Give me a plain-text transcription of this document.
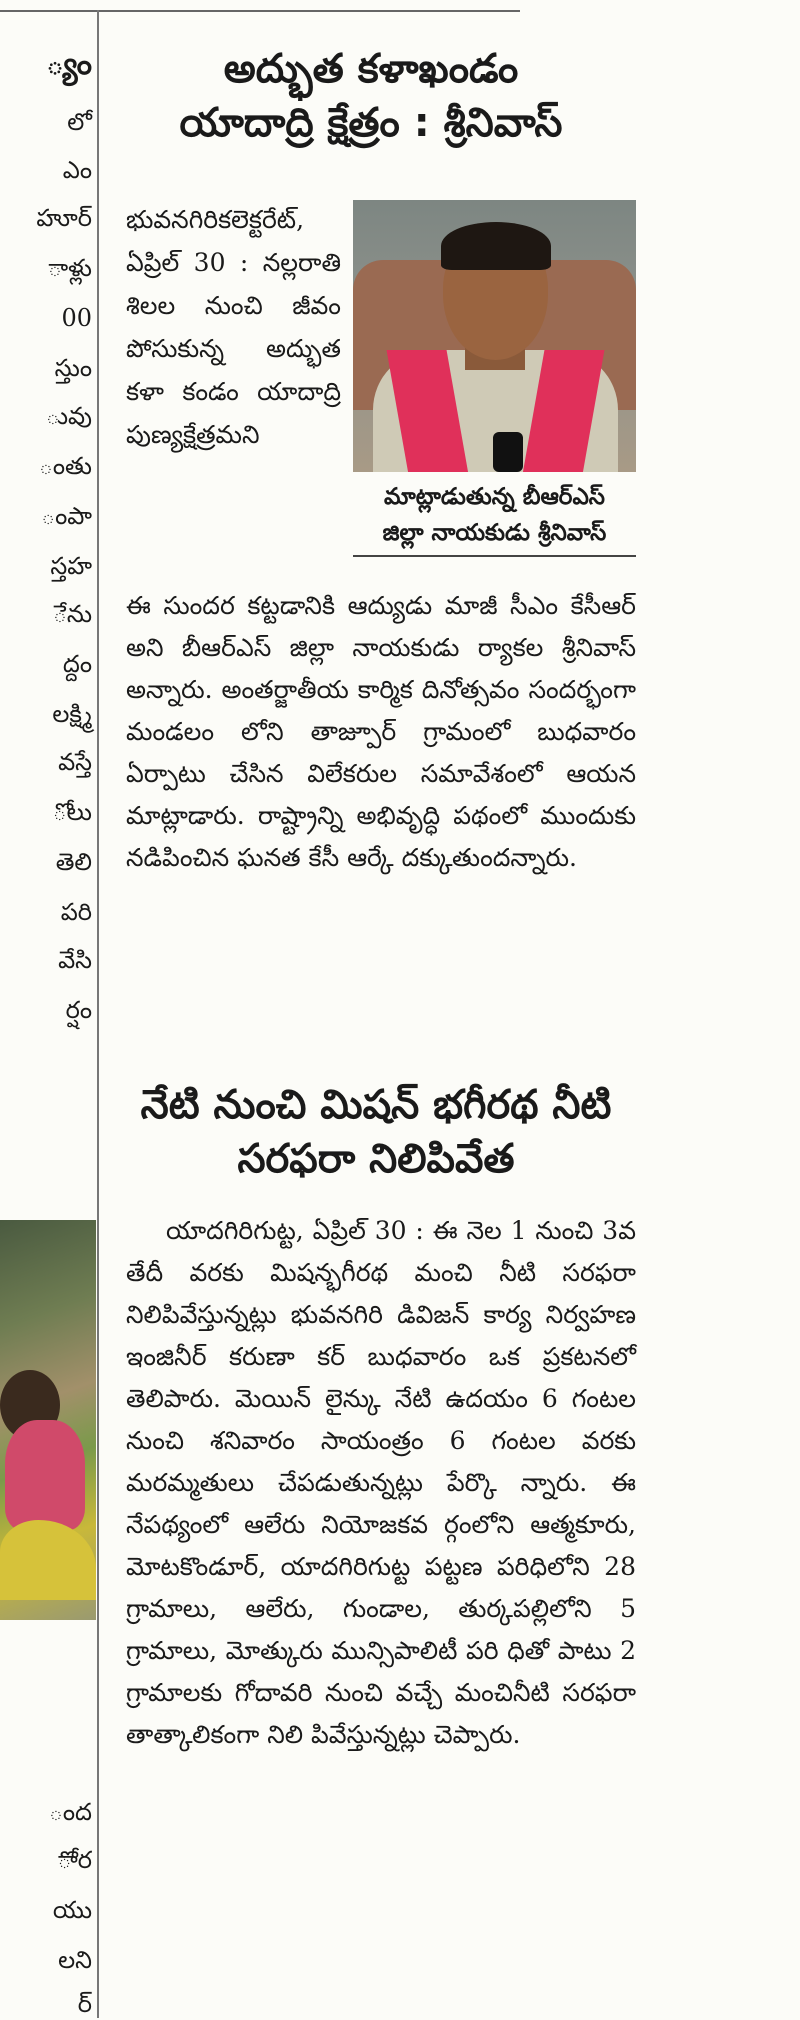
్యం
లో
ఎం
హూర్
ాళ్లు
00
స్తుం
ువు
ంతు
ంపా
స్తహ
ేను
ద్దం
లక్ష్మి
వస్తే
ోలు
తెలి
పరి
వేసి
ర్షం
ంద
ోార
యు
లని
ర్
అద్భుత కళాఖండం
యాదాద్రి క్షేత్రం : శ్రీనివాస్
భువనగిరికలెక్టరేట్, ఏప్రిల్ 30 : నల్లరాతి శిలల నుంచి జీవం పోసుకున్న అద్భుత కళా కండం యాదాద్రి పుణ్యక్షేత్రమని
మాట్లాడుతున్న బీఆర్ఎస్
జిల్లా నాయకుడు శ్రీనివాస్
ఈ సుందర కట్టడానికి ఆద్యుడు మాజీ సీఎం కేసీఆర్ అని బీఆర్ఎస్ జిల్లా నాయకుడు ర్యాకల శ్రీనివాస్ అన్నారు. అంతర్జాతీయ కార్మిక దినోత్సవం సందర్భంగా మండలం లోని తాజ్పూర్ గ్రామంలో బుధవారం ఏర్పాటు చేసిన విలేకరుల సమావేశంలో ఆయన మాట్లాడారు. రాష్ట్రాన్ని అభివృద్ధి పథంలో ముందుకు నడిపించిన ఘనత కేసీ ఆర్కే దక్కుతుందన్నారు.
నేటి నుంచి మిషన్ భగీరథ నీటి
సరఫరా నిలిపివేత
యాదగిరిగుట్ట, ఏప్రిల్ 30 : ఈ నెల 1 నుంచి 3వ తేదీ వరకు మిషన్భగీరథ మంచి నీటి సరఫరా నిలిపివేస్తున్నట్లు భువనగిరి డివిజన్ కార్య నిర్వహణ ఇంజినీర్ కరుణా కర్ బుధవారం ఒక ప్రకటనలో తెలిపారు. మెయిన్ లైన్కు నేటి ఉదయం 6 గంటల నుంచి శనివారం సాయంత్రం 6 గంటల వరకు మరమ్మతులు చేపడుతున్నట్లు పేర్కొ న్నారు. ఈ నేపథ్యంలో ఆలేరు నియోజకవ ర్గంలోని ఆత్మకూరు, మోటకొండూర్, యాదగిరిగుట్ట పట్టణ పరిధిలోని 28 గ్రామాలు, ఆలేరు, గుండాల, తుర్కపల్లిలోని 5 గ్రామాలు, మోత్కురు మున్సిపాలిటీ పరి ధితో పాటు 2 గ్రామాలకు గోదావరి నుంచి వచ్చే మంచినీటి సరఫరా తాత్కాలికంగా నిలి పివేస్తున్నట్లు చెప్పారు.
